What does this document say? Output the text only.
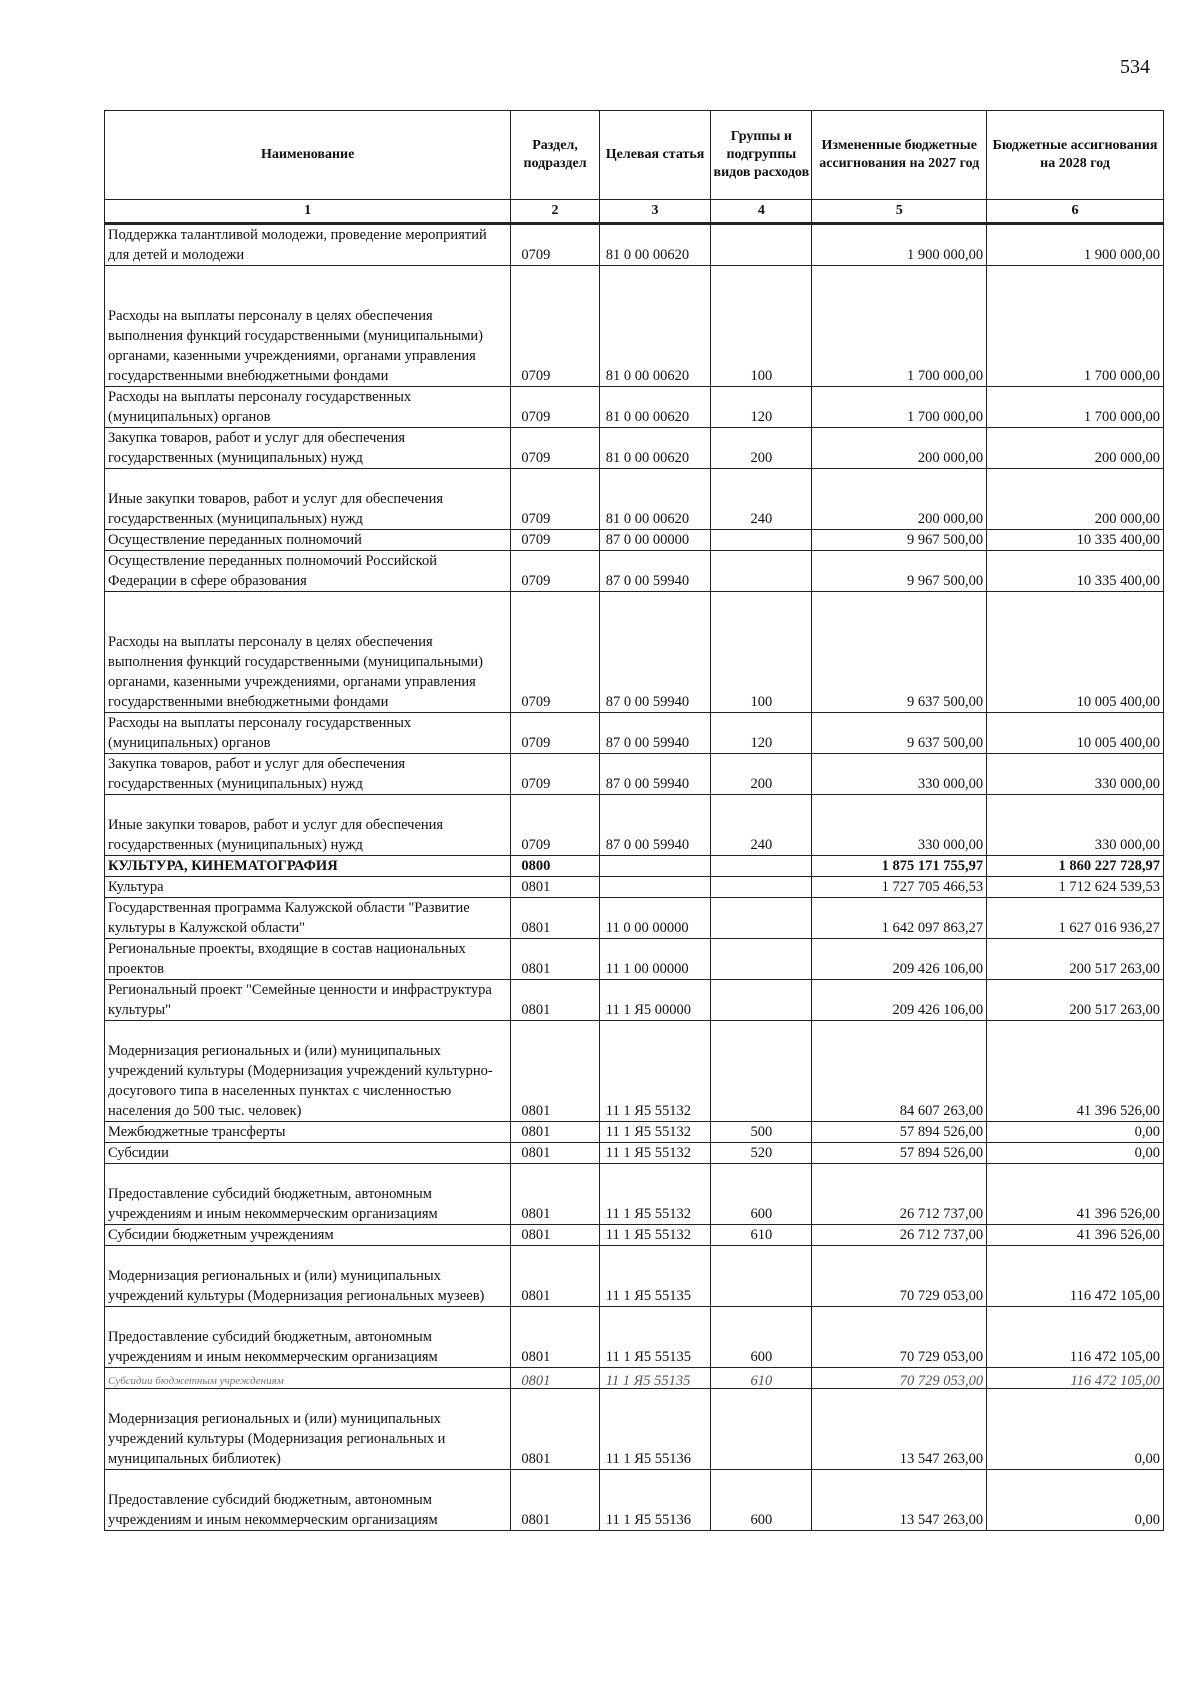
534
Наименование	Раздел, подраздел	Целевая статья	Группы и подгруппы видов расходов	Измененные бюджетные ассигнования на 2027 год	Бюджетные ассигнования на 2028 год
1	2	3	4	5	6
Поддержка талантливой молодежи, проведение мероприятий для детей и молодежи	0709	81 0 00 00620		1 900 000,00	1 900 000,00
Расходы на выплаты персоналу в целях обеспечения выполнения функций государственными (муниципальными) органами, казенными учреждениями, органами управления государственными внебюджетными фондами	0709	81 0 00 00620	100	1 700 000,00	1 700 000,00
Расходы на выплаты персоналу государственных (муниципальных) органов	0709	81 0 00 00620	120	1 700 000,00	1 700 000,00
Закупка товаров, работ и услуг для обеспечения государственных (муниципальных) нужд	0709	81 0 00 00620	200	200 000,00	200 000,00
Иные закупки товаров, работ и услуг для обеспечения государственных (муниципальных) нужд	0709	81 0 00 00620	240	200 000,00	200 000,00
Осуществление переданных полномочий	0709	87 0 00 00000		9 967 500,00	10 335 400,00
Осуществление переданных полномочий Российской Федерации в сфере образования	0709	87 0 00 59940		9 967 500,00	10 335 400,00
Расходы на выплаты персоналу в целях обеспечения выполнения функций государственными (муниципальными) органами, казенными учреждениями, органами управления государственными внебюджетными фондами	0709	87 0 00 59940	100	9 637 500,00	10 005 400,00
Расходы на выплаты персоналу государственных (муниципальных) органов	0709	87 0 00 59940	120	9 637 500,00	10 005 400,00
Закупка товаров, работ и услуг для обеспечения государственных (муниципальных) нужд	0709	87 0 00 59940	200	330 000,00	330 000,00
Иные закупки товаров, работ и услуг для обеспечения государственных (муниципальных) нужд	0709	87 0 00 59940	240	330 000,00	330 000,00
КУЛЬТУРА, КИНЕМАТОГРАФИЯ	0800			1 875 171 755,97	1 860 227 728,97
Культура	0801			1 727 705 466,53	1 712 624 539,53
Государственная программа Калужской области "Развитие культуры в Калужской области"	0801	11 0 00 00000		1 642 097 863,27	1 627 016 936,27
Региональные проекты, входящие в состав национальных проектов	0801	11 1 00 00000		209 426 106,00	200 517 263,00
Региональный проект "Семейные ценности и инфраструктура культуры"	0801	11 1 Я5 00000		209 426 106,00	200 517 263,00
Модернизация региональных и (или) муниципальных учреждений культуры (Модернизация учреждений культурно-досугового типа в населенных пунктах с численностью населения до 500 тыс. человек)	0801	11 1 Я5 55132		84 607 263,00	41 396 526,00
Межбюджетные трансферты	0801	11 1 Я5 55132	500	57 894 526,00	0,00
Субсидии	0801	11 1 Я5 55132	520	57 894 526,00	0,00
Предоставление субсидий бюджетным, автономным учреждениям и иным некоммерческим организациям	0801	11 1 Я5 55132	600	26 712 737,00	41 396 526,00
Субсидии бюджетным учреждениям	0801	11 1 Я5 55132	610	26 712 737,00	41 396 526,00
Модернизация региональных и (или) муниципальных учреждений культуры (Модернизация региональных музеев)	0801	11 1 Я5 55135		70 729 053,00	116 472 105,00
Предоставление субсидий бюджетным, автономным учреждениям и иным некоммерческим организациям	0801	11 1 Я5 55135	600	70 729 053,00	116 472 105,00
Субсидии бюджетным учреждениям	0801	11 1 Я5 55135	610	70 729 053,00	116 472 105,00
Модернизация региональных и (или) муниципальных учреждений культуры (Модернизация региональных и муниципальных библиотек)	0801	11 1 Я5 55136		13 547 263,00	0,00
Предоставление субсидий бюджетным, автономным учреждениям и иным некоммерческим организациям	0801	11 1 Я5 55136	600	13 547 263,00	0,00
